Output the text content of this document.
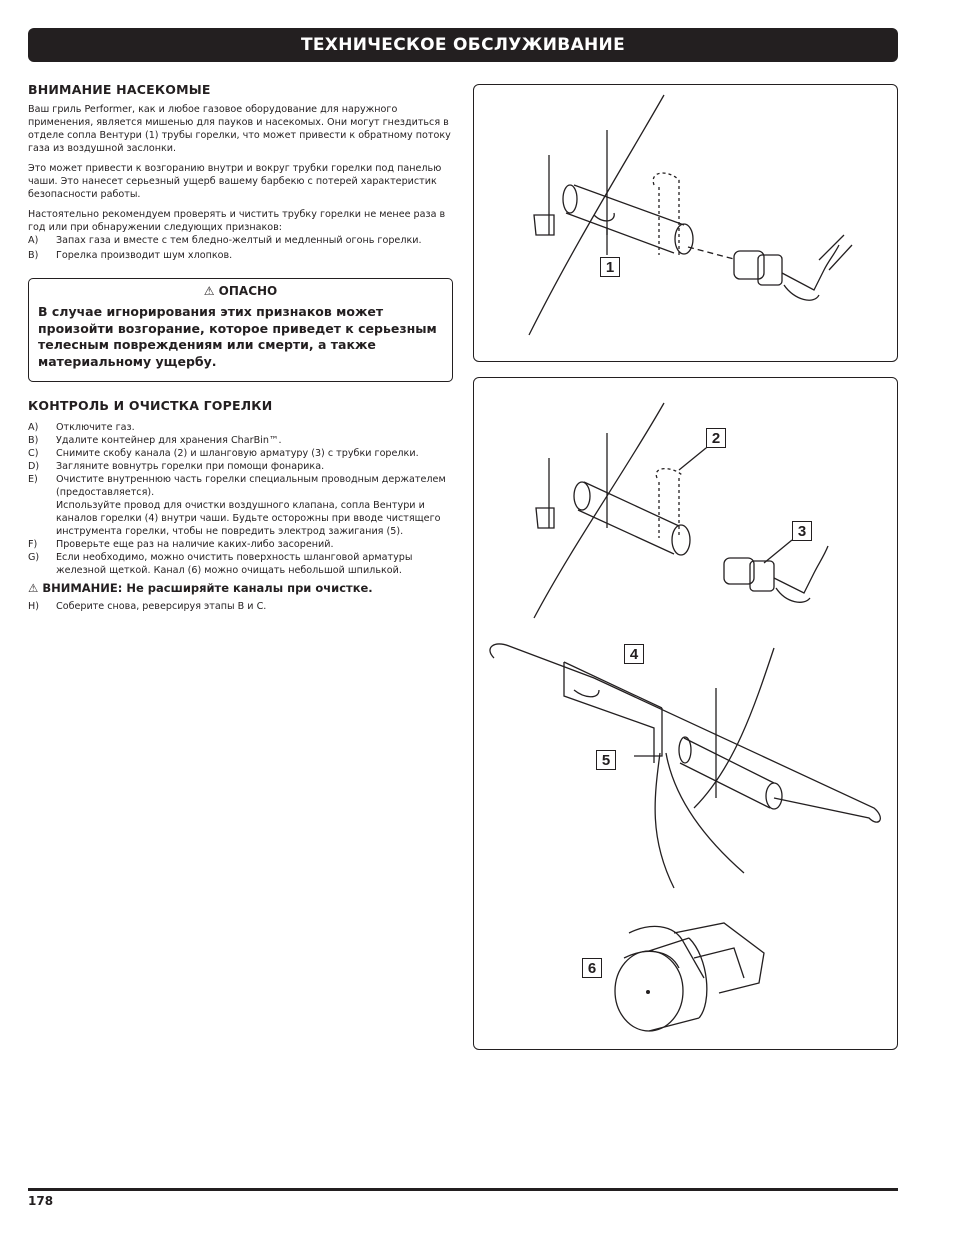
ТЕХНИЧЕСКОЕ ОБСЛУЖИВАНИЕ

ВНИМАНИЕ НАСЕКОМЫЕ

Ваш гриль Performer, как и любое газовое оборудование для наружного применения, является мишенью для пауков и насекомых. Они могут гнездиться в отделе сопла Вентури (1) трубы горелки, что может привести к обратному потоку газа из воздушной заслонки.

Это может привести к возгоранию внутри и вокруг трубки горелки под панелью чаши. Это нанесет серьезный ущерб вашему барбекю с потерей характеристик безопасности работы.

Настоятельно рекомендуем проверять и чистить трубку горелки не менее раза в год или при обнаружении следующих признаков:

A)	Запах газа и вместе с тем бледно-желтый и медленный огонь горелки.
B)	Горелка производит шум хлопков.
⚠ ОПАСНО
В случае игнорирования этих признаков может произойти возгорание, которое приведет к серьезным телесным повреждениям или смерти, а также материальному ущербу.

КОНТРОЛЬ И ОЧИСТКА ГОРЕЛКИ

A)	Отключите газ.
B)	Удалите контейнер для хранения CharBin™.
C)	Снимите скобу канала (2) и шланговую арматуру (3) с трубки горелки.
D)	Загляните вовнутрь горелки при помощи фонарика.
E)	Очистите внутреннюю часть горелки специальным проводным держателем (предоставляется).
Используйте провод для очистки воздушного клапана, сопла Вентури и каналов горелки (4) внутри чаши. Будьте осторожны при вводе чистящего инструмента горелки, чтобы не повредить электрод зажигания (5).
F)	Проверьте еще раз на наличие каких-либо засорений.
G)	Если необходимо, можно очистить поверхность шланговой арматуры железной щеткой. Канал (6) можно очищать небольшой шпилькой.
⚠ ВНИМАНИЕ: Не расширяйте каналы при очистке.
H)	Соберите снова, реверсируя этапы B и C.
1
2
3
4
5
6
178
